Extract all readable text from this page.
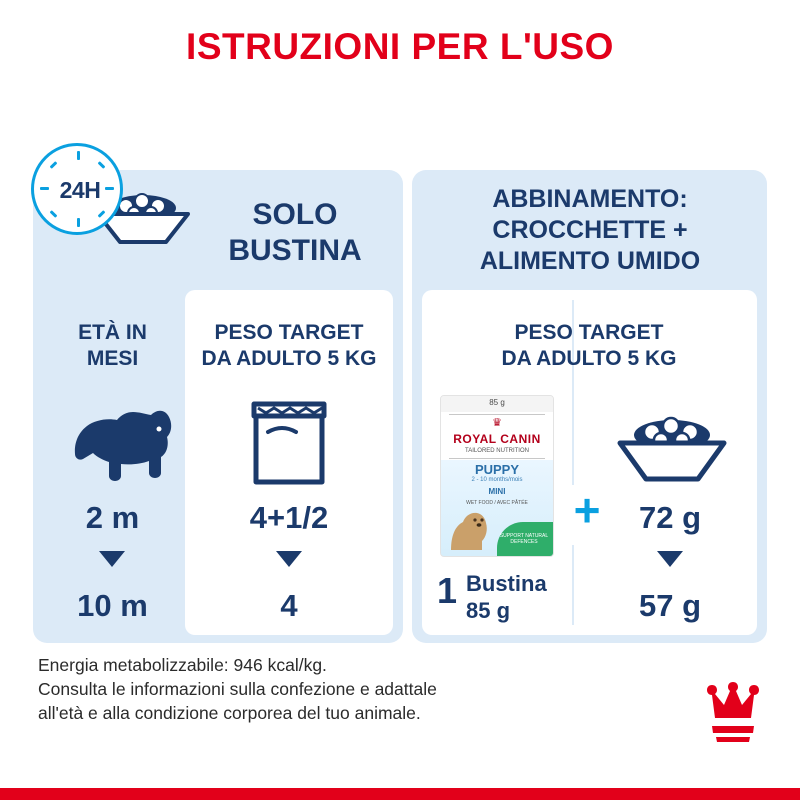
ISTRUZIONI PER L'USO
24H
SOLO
BUSTINA
ABBINAMENTO:
CROCCHETTE +
ALIMENTO UMIDO
ETÀ IN
MESI
PESO TARGET
DA ADULTO 5 KG
PESO TARGET
DA ADULTO 5 KG
85 g
♛
ROYAL CANIN
TAILORED NUTRITION
PUPPY
2 - 10 months/mois
MINI
WET FOOD / AVEC PÂTÉE
SUPPORT NATURAL DEFENCES
+
2 m
10 m
4+1/2
4
72 g
57 g
1 Bustina
85 g
Energia metabolizzabile: 946 kcal/kg.
Consulta le informazioni sulla confezione e adattale
all'età e alla condizione corporea del tuo animale.
